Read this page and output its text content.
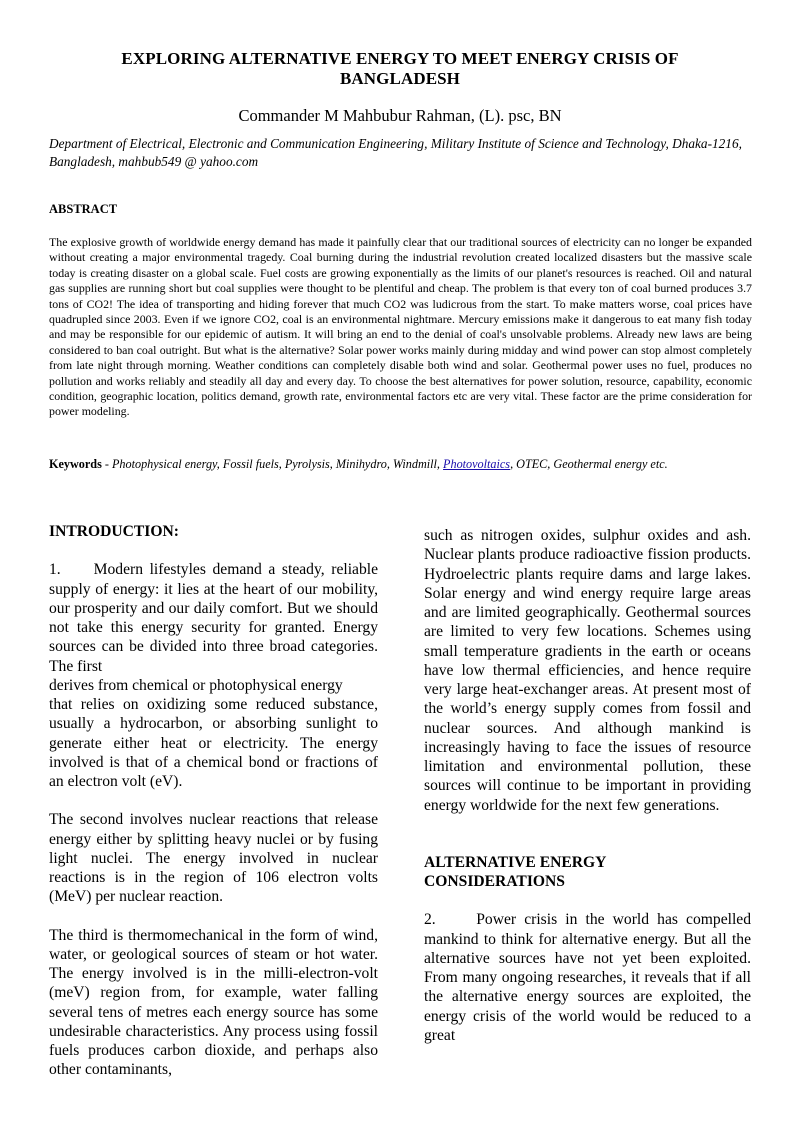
EXPLORING ALTERNATIVE ENERGY TO MEET ENERGY CRISIS OF
BANGLADESH
Commander M Mahbubur Rahman, (L). psc, BN
Department of Electrical, Electronic and Communication Engineering, Military Institute of Science and Technology, Dhaka-1216, Bangladesh, mahbub549 @ yahoo.com
ABSTRACT
The explosive growth of worldwide energy demand has made it painfully clear that our traditional sources of electricity can no longer be expanded without creating a major environmental tragedy. Coal burning during the industrial revolution created localized disasters but the massive scale today is creating disaster on a global scale. Fuel costs are growing exponentially as the limits of our planet's resources is reached. Oil and natural gas supplies are running short but coal supplies were thought to be plentiful and cheap. The problem is that every ton of coal burned produces 3.7 tons of CO2! The idea of transporting and hiding forever that much CO2 was ludicrous from the start. To make matters worse, coal prices have quadrupled since 2003. Even if we ignore CO2, coal is an environmental nightmare. Mercury emissions make it dangerous to eat many fish today and may be responsible for our epidemic of autism. It will bring an end to the denial of coal's unsolvable problems. Already new laws are being considered to ban coal outright. But what is the alternative? Solar power works mainly during midday and wind power can stop almost completely from late night through morning. Weather conditions can completely disable both wind and solar. Geothermal power uses no fuel, produces no pollution and works reliably and steadily all day and every day. To choose the best alternatives for power solution, resource, capability, economic condition, geographic location, politics demand, growth rate, environmental factors etc are very vital. These factor are the prime consideration for power modeling.
Keywords - Photophysical energy, Fossil fuels, Pyrolysis, Minihydro, Windmill, Photovoltaics, OTEC, Geothermal energy etc.
INTRODUCTION:

1.     Modern lifestyles demand a steady, reliable supply of energy: it lies at the heart of our mobility, our prosperity and our daily comfort. But we should not take this energy security for granted. Energy sources can be divided into three broad categories. The first

derives from chemical or photophysical energy

that relies on oxidizing some reduced substance, usually a hydrocarbon, or absorbing sunlight to generate either heat or electricity. The energy involved is that of a chemical bond or fractions of an electron volt (eV).

The second involves nuclear reactions that release energy either by splitting heavy nuclei or by fusing light nuclei. The energy involved in nuclear reactions is in the region of 106 electron volts (MeV) per nuclear reaction.

The third is thermomechanical in the form of wind, water, or geological sources of steam or hot water. The energy involved is in the milli-electron-volt (meV) region from, for example, water falling several tens of metres each energy source has some undesirable characteristics. Any process using fossil fuels produces carbon dioxide, and perhaps also other contaminants,

such as nitrogen oxides, sulphur oxides and ash. Nuclear plants produce radioactive fission products. Hydroelectric plants require dams and large lakes. Solar energy and wind energy require large areas and are limited geographically. Geothermal sources are limited to very few locations. Schemes using small temperature gradients in the earth or oceans have low thermal efficiencies, and hence require very large heat-exchanger areas. At present most of the world’s energy supply comes from fossil and nuclear sources. And although mankind is increasingly having to face the issues of resource limitation and environmental pollution, these sources will continue to be important in providing energy worldwide for the next few generations.

ALTERNATIVE ENERGY
CONSIDERATIONS

2.     Power crisis in the world has compelled mankind to think for alternative energy. But all the alternative sources have not yet been exploited.  From many ongoing researches, it reveals that if all the alternative energy sources are exploited, the energy crisis of the world would be reduced to a great
